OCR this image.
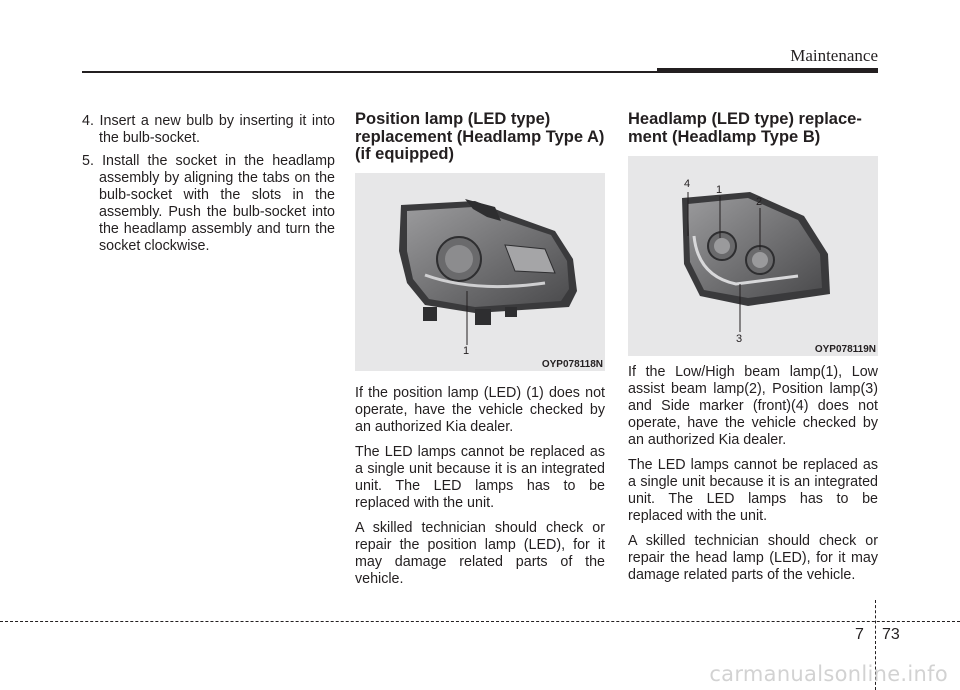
Maintenance

4. Insert a new bulb by inserting it into the bulb-socket.

5. Install the socket in the headlamp assembly by aligning the tabs on the bulb-socket with the slots in the assembly. Push the bulb-socket into the headlamp assembly and turn the socket clockwise.

Position lamp (LED type) replacement (Headlamp Type A) (if equipped)
1
OYP078118N

If the position lamp (LED) (1) does not operate, have the vehicle checked by an authorized Kia dealer.

The LED lamps cannot be replaced as a single unit because it is an integrated unit. The LED lamps has to be replaced with the unit.

A skilled technician should check or repair the position lamp (LED), for it may damage related parts of the vehicle.

Headlamp (LED type) replacement (Headlamp Type B)
4 1
2
3
OYP078119N

If the Low/High beam lamp(1), Low assist beam lamp(2), Position lamp(3) and Side marker (front)(4) does not operate, have the vehicle checked by an authorized Kia dealer.

The LED lamps cannot be replaced as a single unit because it is an integrated unit. The LED lamps has to be replaced with the unit.

A skilled technician should check or repair the head lamp (LED), for it may damage related parts of the vehicle.

7 73
carmanualsonline.info
